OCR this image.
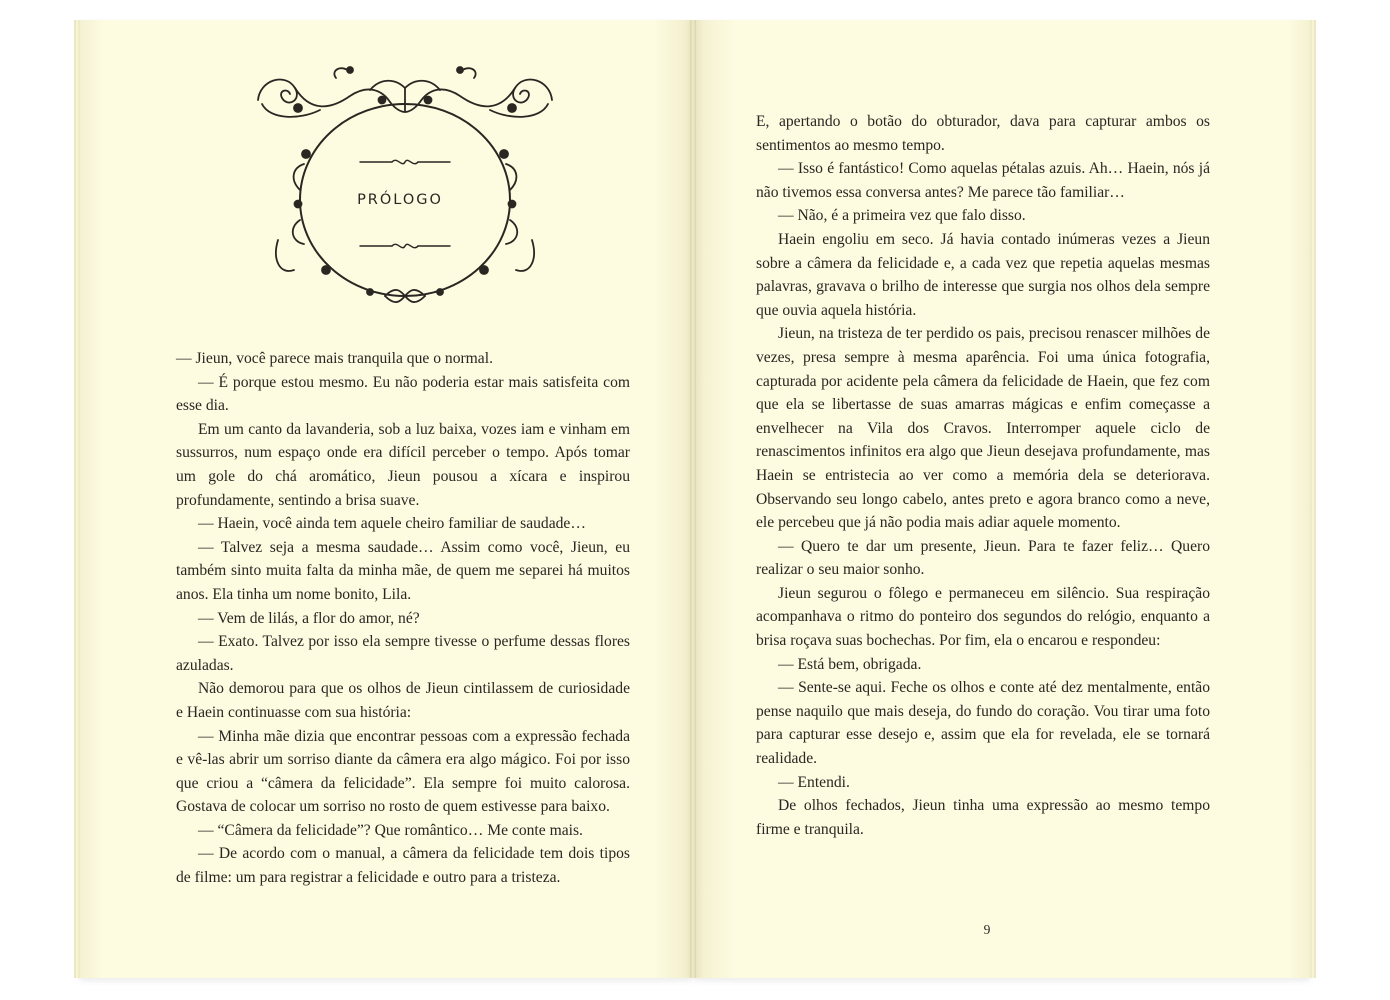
PRÓLOGO

— Jieun, você parece mais tranquila que o normal.

— É porque estou mesmo. Eu não poderia estar mais satisfeita com esse dia.

Em um canto da lavanderia, sob a luz baixa, vozes iam e vinham em sussurros, num espaço onde era difícil perceber o tempo. Após tomar um gole do chá aromático, Jieun pousou a xícara e inspirou profundamente, sentindo a brisa suave.

— Haein, você ainda tem aquele cheiro familiar de saudade…

— Talvez seja a mesma saudade… Assim como você, Jieun, eu também sinto muita falta da minha mãe, de quem me separei há muitos anos. Ela tinha um nome bonito, Lila.

— Vem de lilás, a flor do amor, né?

— Exato. Talvez por isso ela sempre tivesse o perfume dessas flores azuladas.

Não demorou para que os olhos de Jieun cintilassem de curiosidade e Haein continuasse com sua história:

— Minha mãe dizia que encontrar pessoas com a expressão fechada e vê-las abrir um sorriso diante da câmera era algo mágico. Foi por isso que criou a “câmera da felicidade”. Ela sempre foi muito calorosa. Gostava de colocar um sorriso no rosto de quem estivesse para baixo.

— “Câmera da felicidade”? Que romântico… Me conte mais.

— De acordo com o manual, a câmera da felicidade tem dois tipos de filme: um para registrar a felicidade e outro para a tristeza.

E, apertando o botão do obturador, dava para capturar ambos os sentimentos ao mesmo tempo.

— Isso é fantástico! Como aquelas pétalas azuis. Ah… Haein, nós já não tivemos essa conversa antes? Me parece tão familiar…

— Não, é a primeira vez que falo disso.

Haein engoliu em seco. Já havia contado inúmeras vezes a Jieun sobre a câmera da felicidade e, a cada vez que repetia aquelas mesmas palavras, gravava o brilho de interesse que surgia nos olhos dela sempre que ouvia aquela história.

Jieun, na tristeza de ter perdido os pais, precisou renascer milhões de vezes, presa sempre à mesma aparência. Foi uma única fotografia, capturada por acidente pela câmera da felicidade de Haein, que fez com que ela se libertasse de suas amarras mágicas e enfim começasse a envelhecer na Vila dos Cravos. Interromper aquele ciclo de renascimentos infinitos era algo que Jieun desejava profundamente, mas Haein se entristecia ao ver como a memória dela se deteriorava. Observando seu longo cabelo, antes preto e agora branco como a neve, ele percebeu que já não podia mais adiar aquele momento.

— Quero te dar um presente, Jieun. Para te fazer feliz… Quero realizar o seu maior sonho.

Jieun segurou o fôlego e permaneceu em silêncio. Sua respiração acompanhava o ritmo do ponteiro dos segundos do relógio, enquanto a brisa roçava suas bochechas. Por fim, ela o encarou e respondeu:

— Está bem, obrigada.

— Sente-se aqui. Feche os olhos e conte até dez mentalmente, então pense naquilo que mais deseja, do fundo do coração. Vou tirar uma foto para capturar esse desejo e, assim que ela for revelada, ele se tornará realidade.

— Entendi.

De olhos fechados, Jieun tinha uma expressão ao mesmo tempo firme e tranquila.

9
